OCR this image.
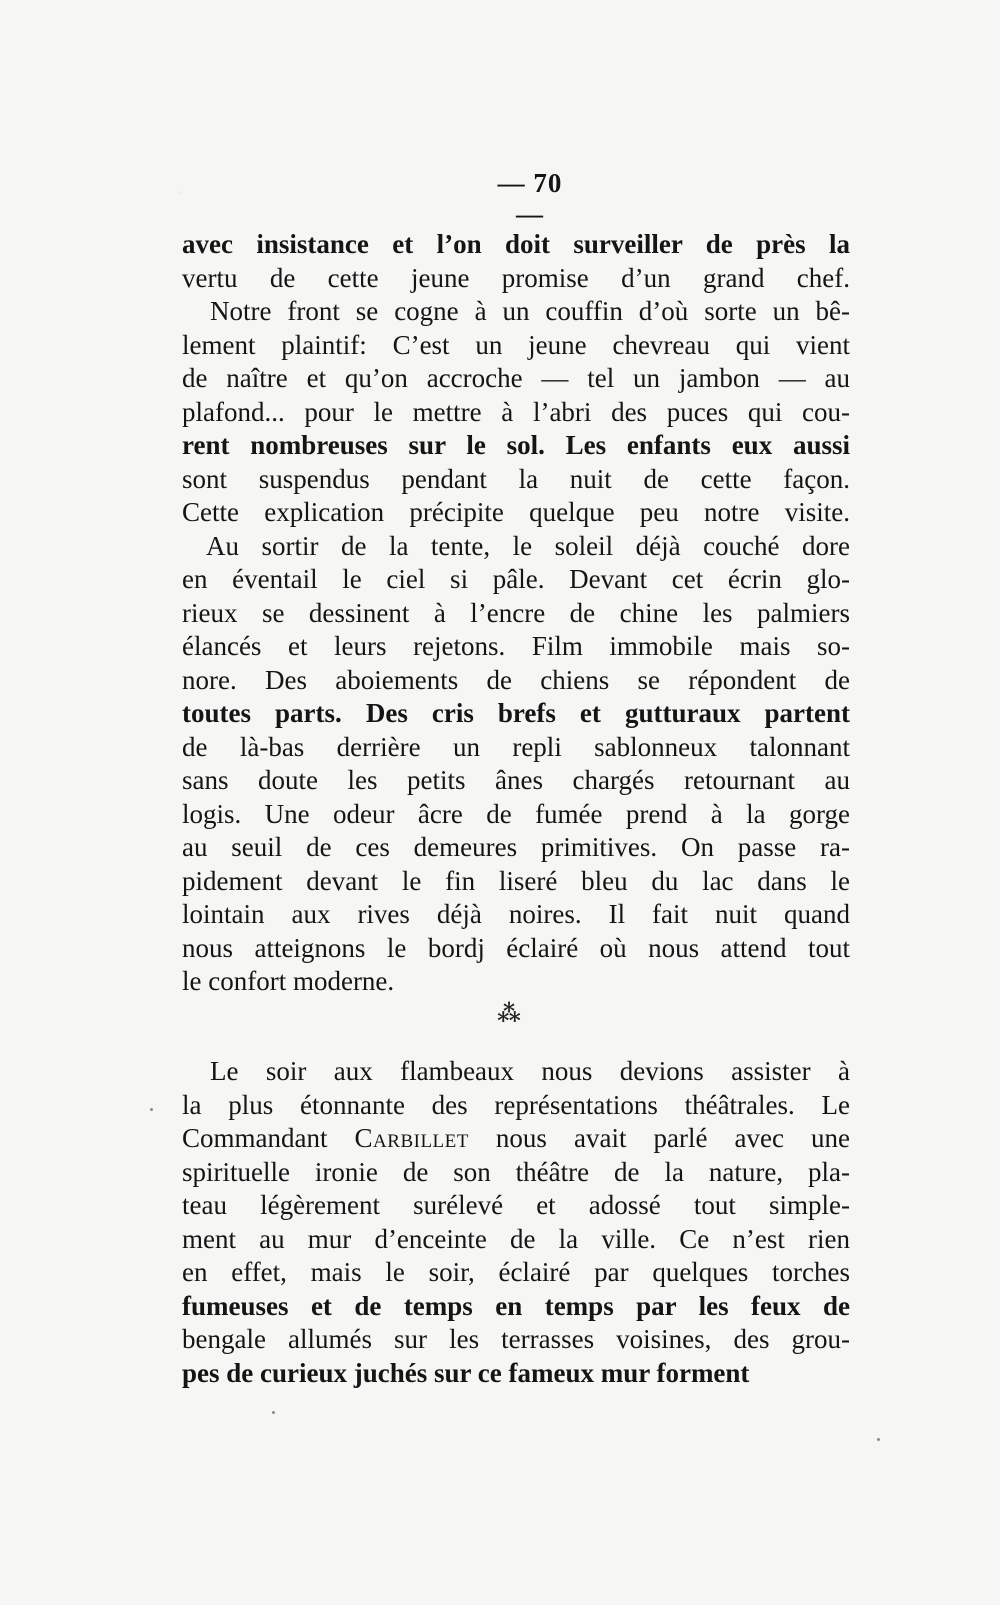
— 70 —
avec insistance et l’on doit surveiller de près la
vertu de cette jeune promise d’un grand chef.
Notre front se cogne à un couffin d’où sorte un bê-
lement plaintif: C’est un jeune chevreau qui vient
de naître et qu’on accroche — tel un jambon — au
plafond... pour le mettre à l’abri des puces qui cou-
rent nombreuses sur le sol. Les enfants eux aussi
sont suspendus pendant la nuit de cette façon.
Cette explication précipite quelque peu notre visite.
Au sortir de la tente, le soleil déjà couché dore
en éventail le ciel si pâle. Devant cet écrin glo-
rieux se dessinent à l’encre de chine les palmiers
élancés et leurs rejetons. Film immobile mais so-
nore. Des aboiements de chiens se répondent de
toutes parts. Des cris brefs et gutturaux partent
de là-bas derrière un repli sablonneux talonnant
sans doute les petits ânes chargés retournant au
logis. Une odeur âcre de fumée prend à la gorge
au seuil de ces demeures primitives. On passe ra-
pidement devant le fin liseré bleu du lac dans le
lointain aux rives déjà noires. Il fait nuit quand
nous atteignons le bordj éclairé où nous attend tout
le confort moderne.
⁂
Le soir aux flambeaux nous devions assister à
la plus étonnante des représentations théâtrales. Le
Commandant Carbillet nous avait parlé avec une
spirituelle ironie de son théâtre de la nature, pla-
teau légèrement surélevé et adossé tout simple-
ment au mur d’enceinte de la ville. Ce n’est rien
en effet, mais le soir, éclairé par quelques torches
fumeuses et de temps en temps par les feux de
bengale allumés sur les terrasses voisines, des grou-
pes de curieux juchés sur ce fameux mur forment
